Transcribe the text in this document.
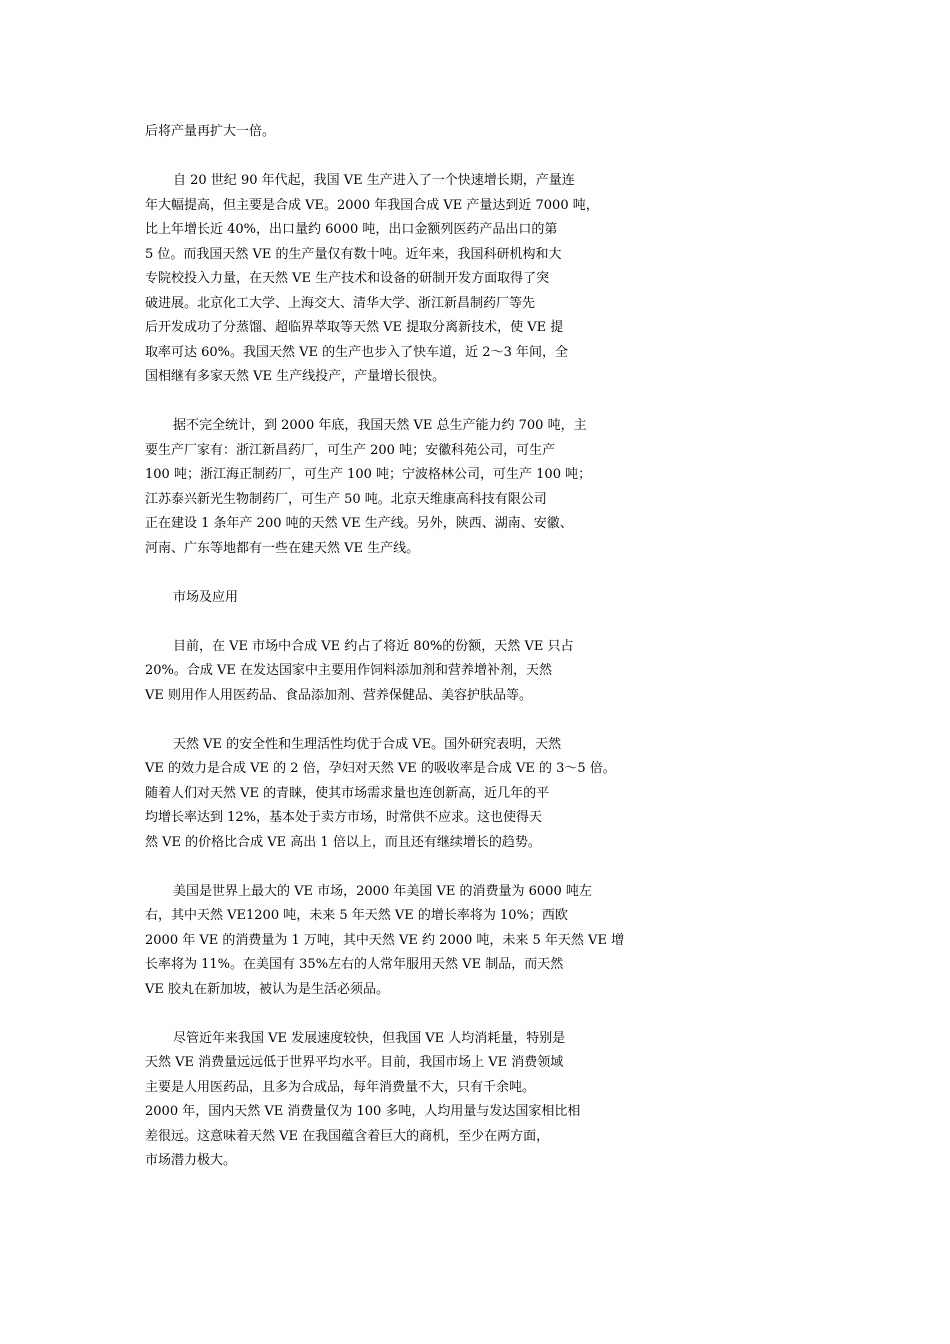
后将产量再扩大一倍。
自 20 世纪 90 年代起，我国 VE 生产进入了一个快速增长期，产量连
年大幅提高，但主要是合成 VE。2000 年我国合成 VE 产量达到近 7000 吨，
比上年增长近 40%，出口量约 6000 吨，出口金额列医药产品出口的第
5 位。而我国天然 VE 的生产量仅有数十吨。近年来，我国科研机构和大
专院校投入力量，在天然 VE 生产技术和设备的研制开发方面取得了突
破进展。北京化工大学、上海交大、清华大学、浙江新昌制药厂等先
后开发成功了分蒸馏、超临界萃取等天然 VE 提取分离新技术，使 VE 提
取率可达 60%。我国天然 VE 的生产也步入了快车道，近 2～3 年间，全
国相继有多家天然 VE 生产线投产，产量增长很快。
据不完全统计，到 2000 年底，我国天然 VE 总生产能力约 700 吨，主
要生产厂家有：浙江新昌药厂，可生产 200 吨；安徽科苑公司，可生产
100 吨；浙江海正制药厂，可生产 100 吨；宁波格林公司，可生产 100 吨；
江苏泰兴新光生物制药厂，可生产 50 吨。北京天维康高科技有限公司
正在建设 1 条年产 200 吨的天然 VE 生产线。另外，陕西、湖南、安徽、
河南、广东等地都有一些在建天然 VE 生产线。
市场及应用
目前，在 VE 市场中合成 VE 约占了将近 80%的份额，天然 VE 只占
20%。合成 VE 在发达国家中主要用作饲料添加剂和营养增补剂，天然
VE 则用作人用医药品、食品添加剂、营养保健品、美容护肤品等。
天然 VE 的安全性和生理活性均优于合成 VE。国外研究表明，天然
VE 的效力是合成 VE 的 2 倍，孕妇对天然 VE 的吸收率是合成 VE 的 3～5 倍。
随着人们对天然 VE 的青睐，使其市场需求量也连创新高，近几年的平
均增长率达到 12%，基本处于卖方市场，时常供不应求。这也使得天
然 VE 的价格比合成 VE 高出 1 倍以上，而且还有继续增长的趋势。
美国是世界上最大的 VE 市场，2000 年美国 VE 的消费量为 6000 吨左
右，其中天然 VE1200 吨，未来 5 年天然 VE 的增长率将为 10%；西欧
2000 年 VE 的消费量为 1 万吨，其中天然 VE 约 2000 吨，未来 5 年天然 VE 增
长率将为 11%。在美国有 35%左右的人常年服用天然 VE 制品，而天然
VE 胶丸在新加坡，被认为是生活必须品。
尽管近年来我国 VE 发展速度较快，但我国 VE 人均消耗量，特别是
天然 VE 消费量远远低于世界平均水平。目前，我国市场上 VE 消费领域
主要是人用医药品，且多为合成品，每年消费量不大，只有千余吨。
2000 年，国内天然 VE 消费量仅为 100 多吨，人均用量与发达国家相比相
差很远。这意味着天然 VE 在我国蕴含着巨大的商机，至少在两方面，
市场潜力极大。
